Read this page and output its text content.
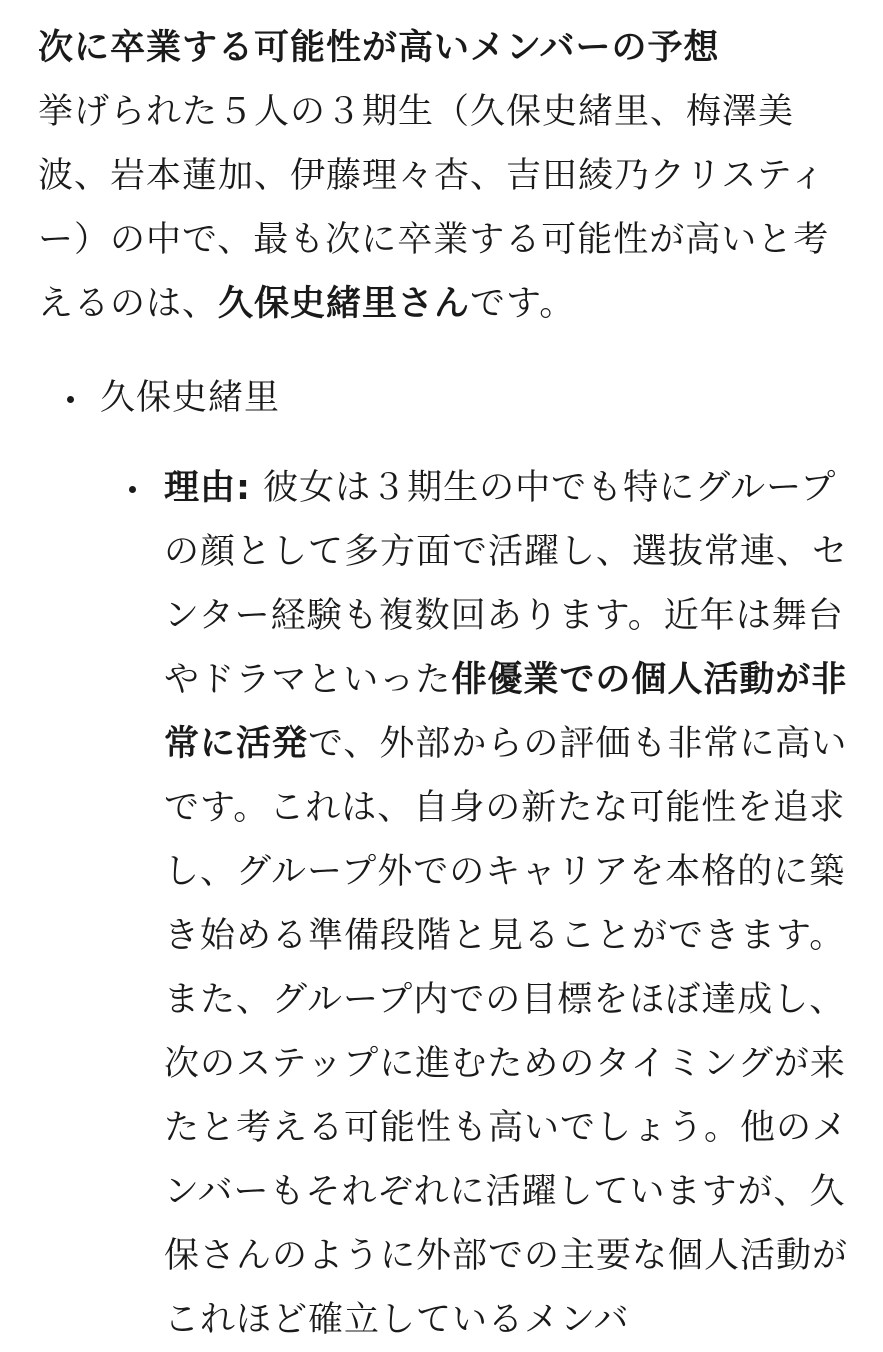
次に卒業する可能性が高いメンバーの予想

挙げられた５人の３期生（久保史緒里、梅澤美波、岩本蓮加、伊藤理々杏、吉田綾乃クリスティー）の中で、最も次に卒業する可能性が高いと考えるのは、久保史緒里さんです。

久保史緒里
理由: 彼女は３期生の中でも特にグループの顔として多方面で活躍し、選抜常連、センター経験も複数回あります。近年は舞台やドラマといった俳優業での個人活動が非常に活発で、外部からの評価も非常に高いです。これは、自身の新たな可能性を追求し、グループ外でのキャリアを本格的に築き始める準備段階と見ることができます。また、グループ内での目標をほぼ達成し、次のステップに進むためのタイミングが来たと考える可能性も高いでしょう。他のメンバーもそれぞれに活躍していますが、久保さんのように外部での主要な個人活動がこれほど確立しているメンバ
